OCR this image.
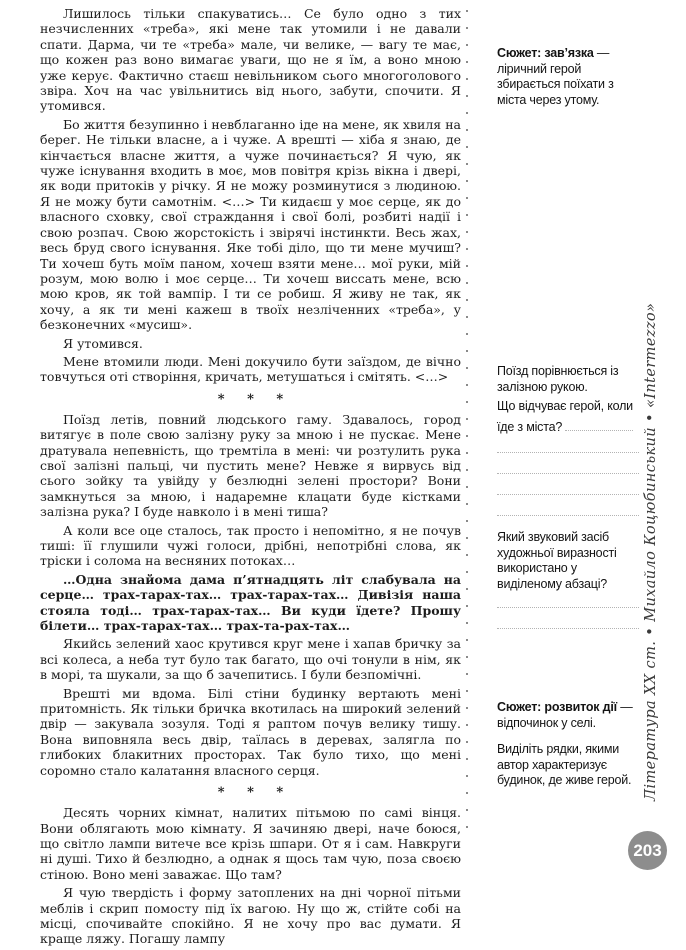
Лишилось тільки спакуватись… Се було одно з тих незчисленних «треба», які мене так утомили і не давали спати. Дарма, чи те «треба» мале, чи велике, — вагу те має, що кожен раз воно вимагає уваги, що не я їм, а воно мною уже керує. Фактично стаєш невільником сього многоголового звіра. Хоч на час увільнитись від нього, забути, спочити. Я утомився.
Бо життя безупинно і невблаганно іде на мене, як хвиля на берег. Не тільки власне, а і чуже. А врешті — хіба я знаю, де кінчається власне життя, а чуже починається? Я чую, як чуже існування входить в моє, мов повітря крізь вікна і двері, як води притоків у річку. Я не можу розминутися з людиною. Я не можу бути самотнім. <…> Ти кидаєш у моє серце, як до власного сховку, свої страждання і свої болі, розбиті надії і свою розпач. Свою жорстокість і звірячі інстинкти. Весь жах, весь бруд свого існування. Яке тобі діло, що ти мене мучиш? Ти хочеш буть моїм паном, хочеш взяти мене… мої руки, мій розум, мою волю і моє серце… Ти хочеш виссать мене, всю мою кров, як той вампір. І ти се робиш. Я живу не так, як хочу, а як ти мені кажеш в твоїх незліченних «треба», у безконечних «мусиш».
Я утомився.
Мене втомили люди. Мені докучило бути заїздом, де вічно товчуться оті створіння, кричать, метушаться і смітять. <…>
* * *
Поїзд летів, повний людського гаму. Здавалось, город витягує в поле свою залізну руку за мною і не пускає. Мене дратувала непевність, що тремтіла в мені: чи розтулить рука свої залізні пальці, чи пустить мене? Невже я вирвусь від сього зойку та увійду у безлюдні зелені простори? Вони замкнуться за мною, і надаремне клацати буде кістками залізна рука? І буде навколо і в мені тиша?
А коли все оце сталось, так просто і непомітно, я не почув тиші: її глушили чужі голоси, дрібні, непотрібні слова, як тріски і солома на весняних потоках…
…Одна знайома дама п’ятнадцять літ слабувала на серце… трах-тарах-тах… трах-тарах-тах… Дивізія наша стояла тоді… трах-тарах-тах… Ви куди їдете? Прошу білети… трах-тарах-тах… трах-та-рах-тах…
Якийсь зелений хаос крутився круг мене і хапав бричку за всі колеса, а неба тут було так багато, що очі тонули в нім, як в морі, та шукали, за що б зачепитись. І були безпомічні.
Врешті ми вдома. Білі стіни будинку вертають мені притомність. Як тільки бричка вкотилась на широкий зелений двір — закувала зозуля. Тоді я раптом почув велику тишу. Вона виповняла весь двір, таїлась в деревах, залягла по глибоких блакитних просторах. Так було тихо, що мені соромно стало калатання власного серця.
* * *
Десять чорних кімнат, налитих пітьмою по самі вінця. Вони облягають мою кімнату. Я зачиняю двері, наче боюся, що світло лампи витече все крізь шпари. От я і сам. Навкруги ні душі. Тихо й безлюдно, а однак я щось там чую, поза своєю стіною. Воно мені заважає. Що там?
Я чую твердість і форму затоплених на дні чорної пітьми меблів і скрип помосту під їх вагою. Ну що ж, стійте собі на місці, спочивайте спокійно. Я не хочу про вас думати. Я краще ляжу. Погашу лампу
Сюжет: зав’язка — ліричний герой збирається поїхати з міста через утому.
Поїзд порівнюється із залізною рукою.
Що відчуває герой, коли їде з міста?
Який звуковий засіб художньої виразності використано у виділеному абзаці?
Сюжет: розвиток дії — відпочинок у селі.
Виділіть рядки, якими автор характеризує будинок, де живе герой. Література XX ст. • Михайло Коцюбинський • «Intermezzo»
203
